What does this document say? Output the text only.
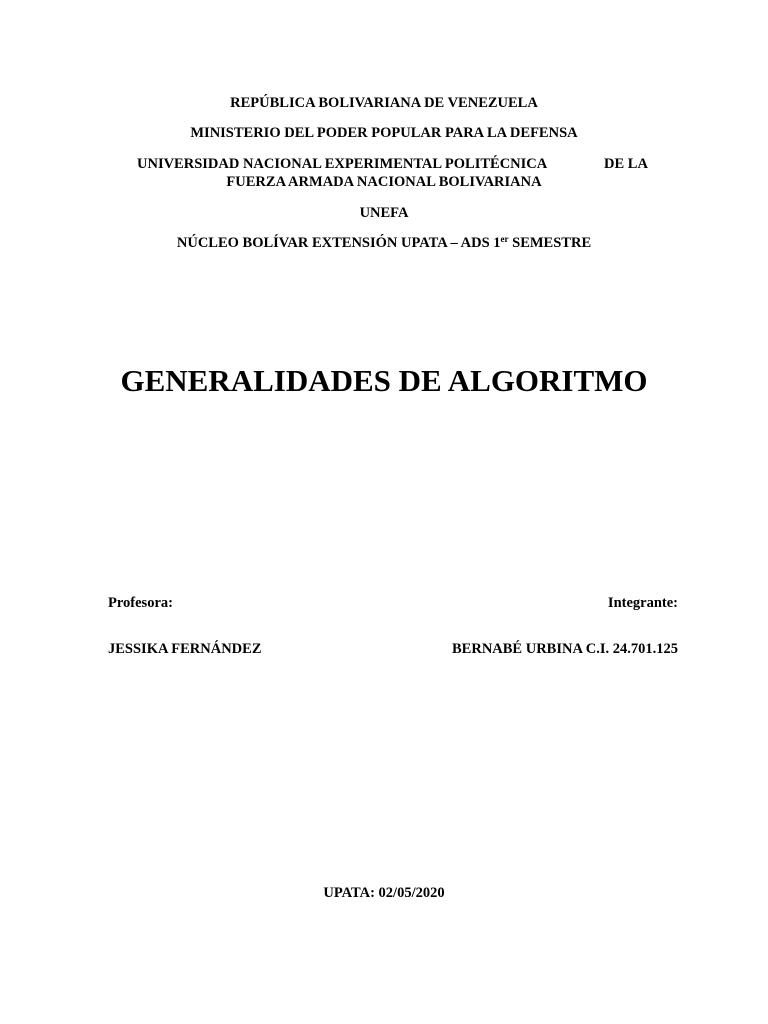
REPÚBLICA BOLIVARIANA DE VENEZUELA
MINISTERIO DEL PODER POPULAR PARA LA DEFENSA
UNIVERSIDAD NACIONAL EXPERIMENTAL POLITÉCNICA	DE LA
FUERZA ARMADA NACIONAL BOLIVARIANA
UNEFA
NÚCLEO BOLÍVAR EXTENSIÓN UPATA – ADS 1er SEMESTRE
GENERALIDADES DE ALGORITMO
Profesora:	Integrante:
JESSIKA FERNÁNDEZ	BERNABÉ URBINA C.I. 24.701.125
UPATA: 02/05/2020
